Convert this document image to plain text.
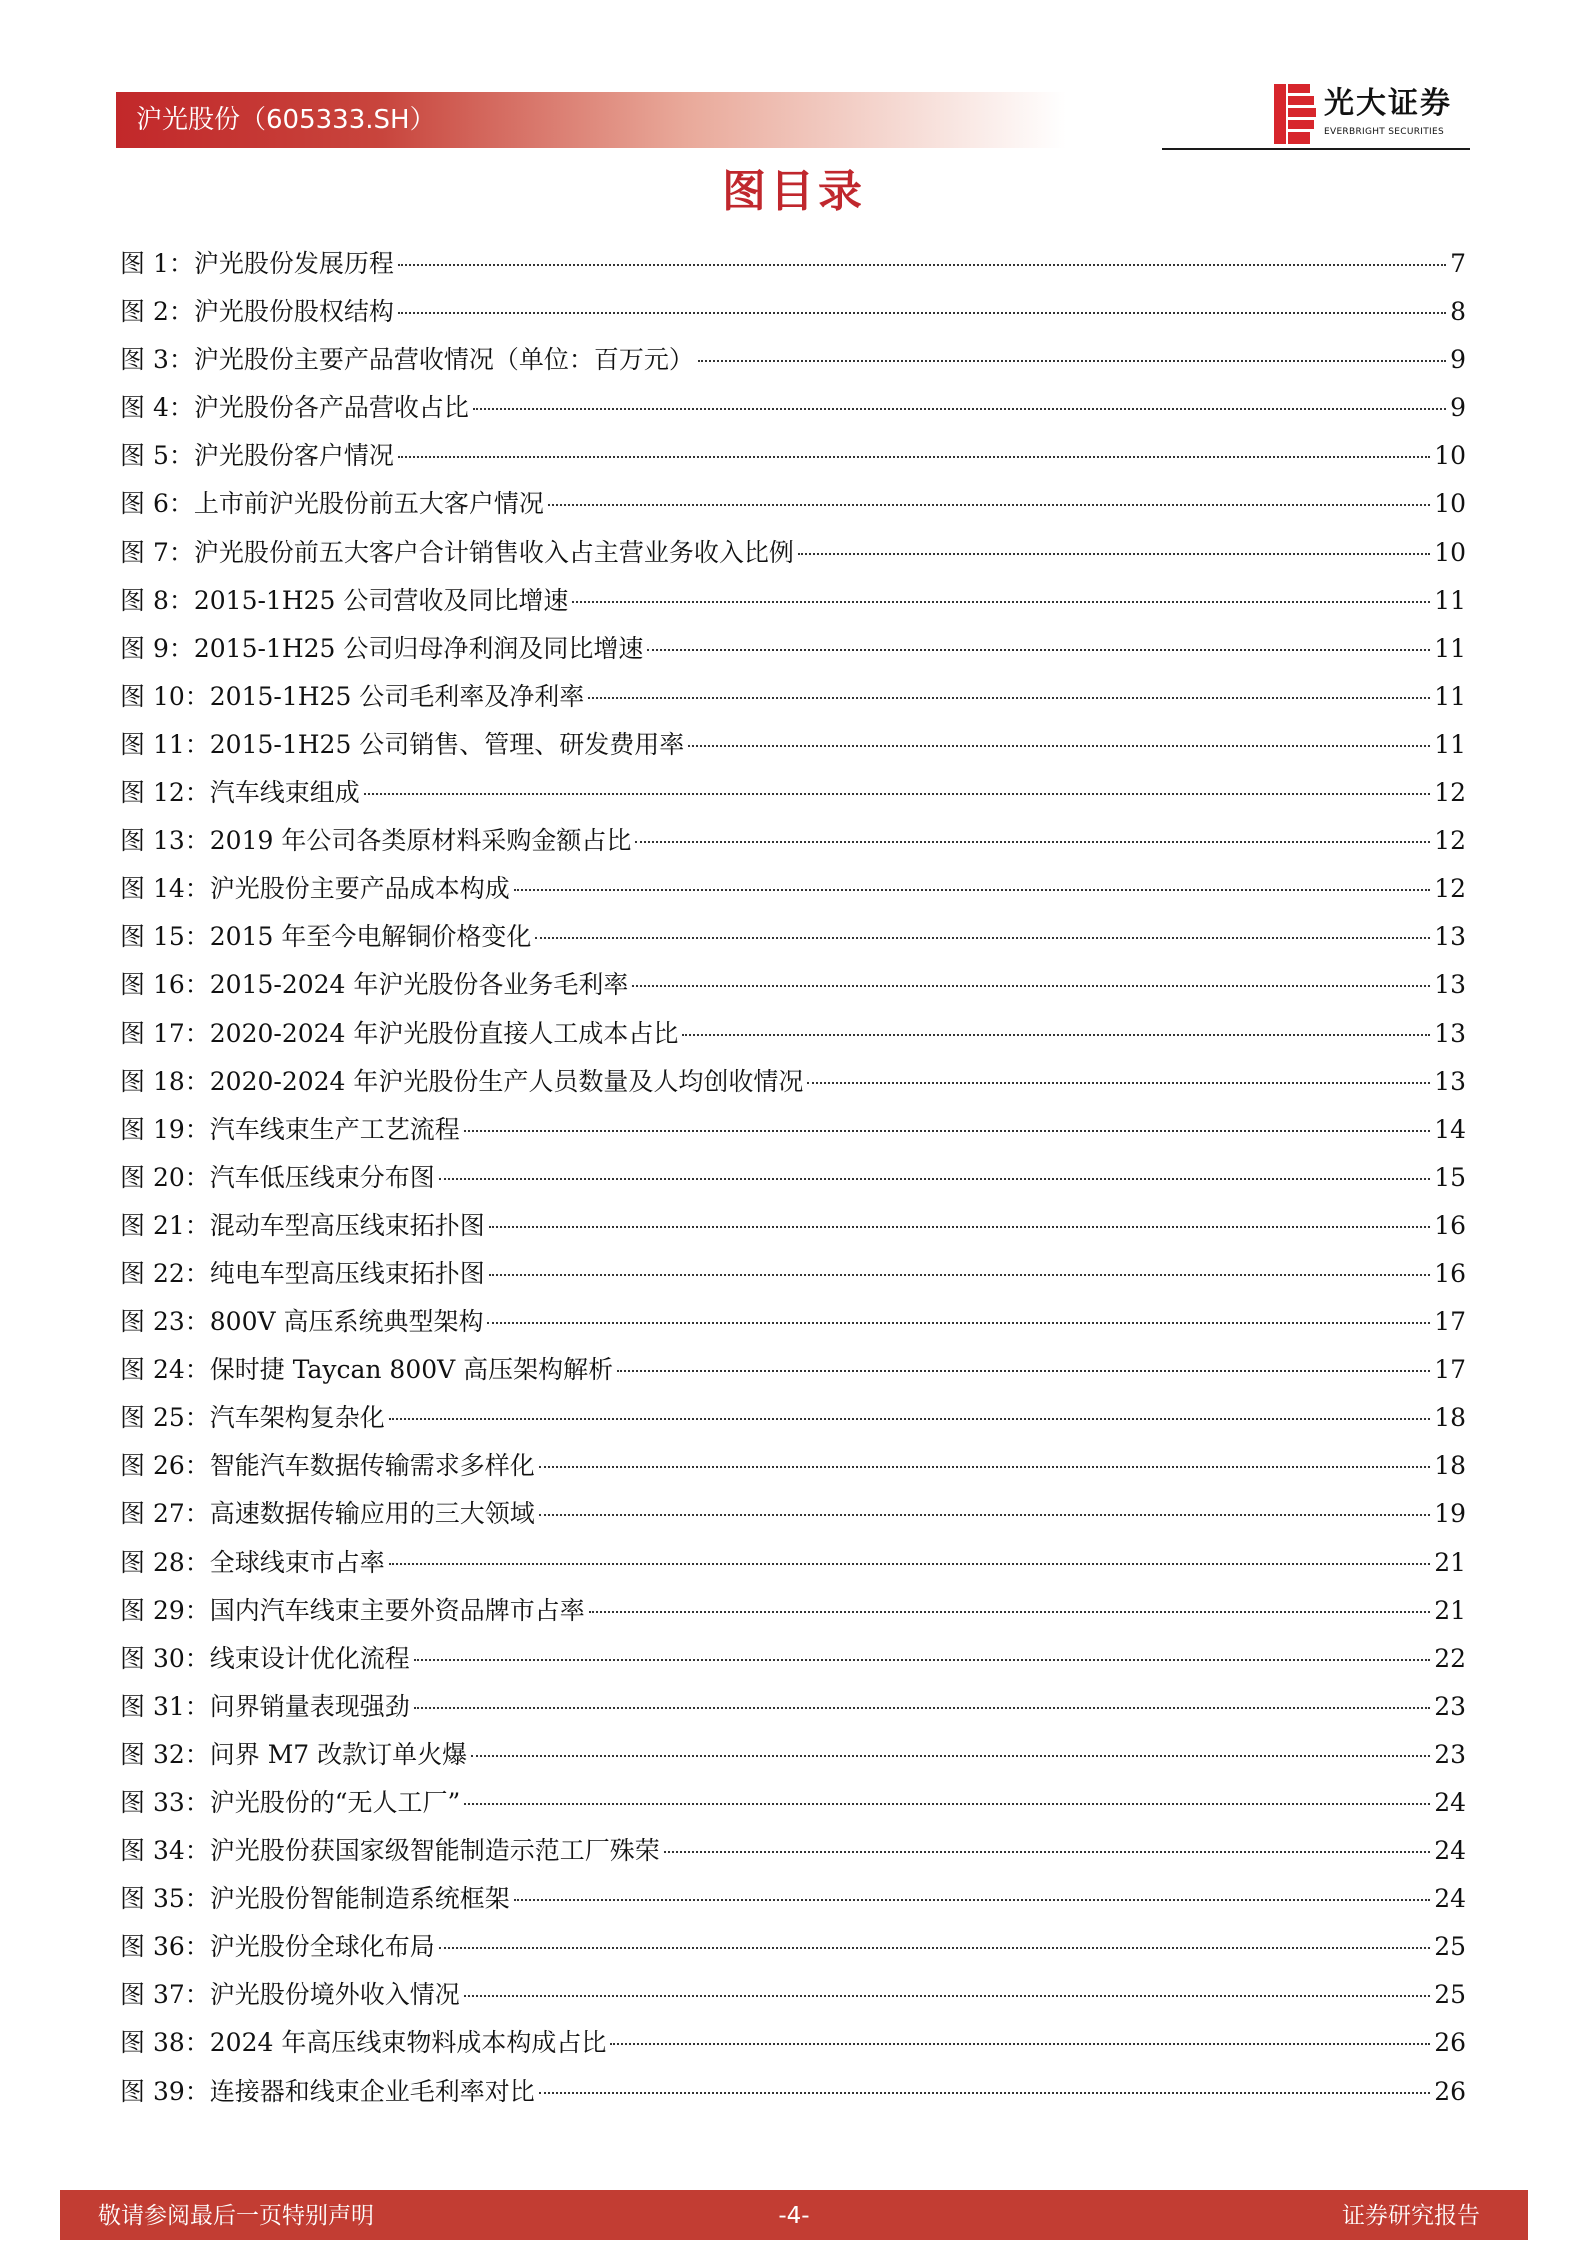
沪光股份（605333.SH）	光大证券
EVERBRIGHT SECURITIES
图目录
图 1：沪光股份发展历程	7
图 2：沪光股份股权结构	8
图 3：沪光股份主要产品营收情况（单位：百万元）	9
图 4：沪光股份各产品营收占比	9
图 5：沪光股份客户情况	10
图 6：上市前沪光股份前五大客户情况	10
图 7：沪光股份前五大客户合计销售收入占主营业务收入比例	10
图 8：2015-1H25 公司营收及同比增速	11
图 9：2015-1H25 公司归母净利润及同比增速	11
图 10：2015-1H25 公司毛利率及净利率	11
图 11：2015-1H25 公司销售、管理、研发费用率	11
图 12：汽车线束组成	12
图 13：2019 年公司各类原材料采购金额占比	12
图 14：沪光股份主要产品成本构成	12
图 15：2015 年至今电解铜价格变化	13
图 16：2015-2024 年沪光股份各业务毛利率	13
图 17：2020-2024 年沪光股份直接人工成本占比	13
图 18：2020-2024 年沪光股份生产人员数量及人均创收情况	13
图 19：汽车线束生产工艺流程	14
图 20：汽车低压线束分布图	15
图 21：混动车型高压线束拓扑图	16
图 22：纯电车型高压线束拓扑图	16
图 23：800V 高压系统典型架构	17
图 24：保时捷 Taycan 800V 高压架构解析	17
图 25：汽车架构复杂化	18
图 26：智能汽车数据传输需求多样化	18
图 27：高速数据传输应用的三大领域	19
图 28：全球线束市占率	21
图 29：国内汽车线束主要外资品牌市占率	21
图 30：线束设计优化流程	22
图 31：问界销量表现强劲	23
图 32：问界 M7 改款订单火爆	23
图 33：沪光股份的“无人工厂”	24
图 34：沪光股份获国家级智能制造示范工厂殊荣	24
图 35：沪光股份智能制造系统框架	24
图 36：沪光股份全球化布局	25
图 37：沪光股份境外收入情况	25
图 38：2024 年高压线束物料成本构成占比	26
图 39：连接器和线束企业毛利率对比	26
敬请参阅最后一页特别声明	-4-	证券研究报告
